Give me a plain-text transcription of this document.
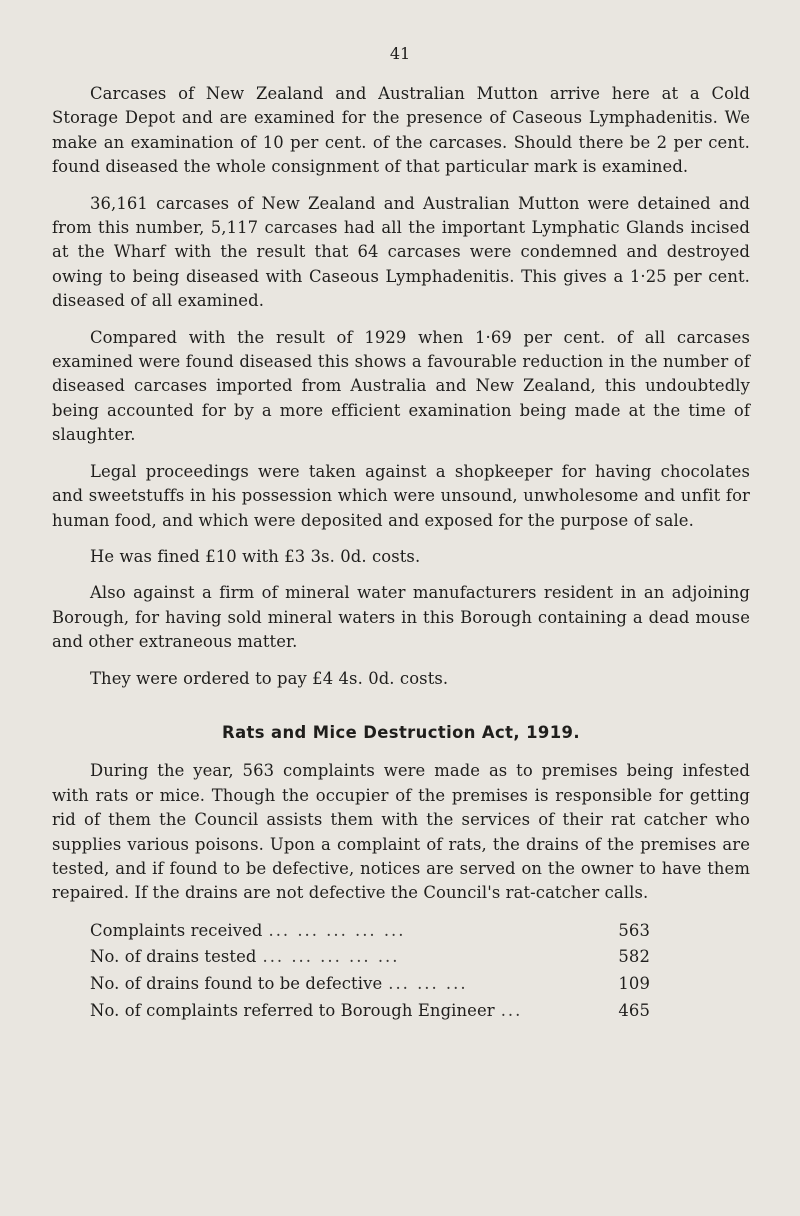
41

Carcases of New Zealand and Australian Mutton arrive here at a Cold Storage Depot and are examined for the presence of Caseous Lymphadenitis. We make an examination of 10 per cent. of the carcases. Should there be 2 per cent. found diseased the whole consignment of that particular mark is examined.

36,161 carcases of New Zealand and Australian Mutton were detained and from this number, 5,117 carcases had all the important Lymphatic Glands incised at the Wharf with the result that 64 carcases were condemned and destroyed owing to being diseased with Caseous Lymphadenitis. This gives a 1·25 per cent. diseased of all examined.

Compared with the result of 1929 when 1·69 per cent. of all carcases examined were found diseased this shows a favourable reduction in the number of diseased carcases imported from Australia and New Zealand, this undoubtedly being accounted for by a more efficient examination being made at the time of slaughter.

Legal proceedings were taken against a shopkeeper for having chocolates and sweetstuffs in his possession which were unsound, unwholesome and unfit for human food, and which were deposited and exposed for the purpose of sale.

He was fined £10 with £3 3s. 0d. costs.

Also against a firm of mineral water manufacturers resident in an adjoining Borough, for having sold mineral waters in this Borough containing a dead mouse and other extraneous matter.

They were ordered to pay £4 4s. 0d. costs.

Rats and Mice Destruction Act, 1919.

During the year, 563 complaints were made as to premises being infested with rats or mice. Though the occupier of the premises is responsible for getting rid of them the Council assists them with the services of their rat catcher who supplies various poisons. Upon a complaint of rats, the drains of the premises are tested, and if found to be defective, notices are served on the owner to have them repaired. If the drains are not defective the Council's rat-catcher calls.

Complaints received ... ... ... ... ...	563
No. of drains tested ... ... ... ... ...	582
No. of drains found to be defective ... ... ...	109
No. of complaints referred to Borough Engineer ...	465
